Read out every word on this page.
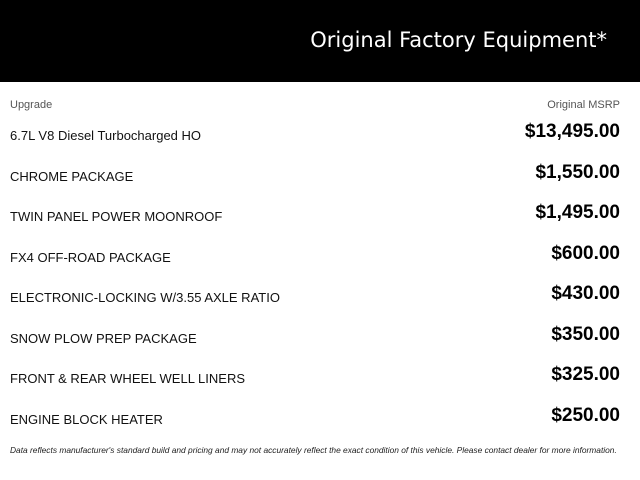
Original Factory Equipment*
Upgrade	Original MSRP
6.7L V8 Diesel Turbocharged HO	$13,495.00
CHROME PACKAGE	$1,550.00
TWIN PANEL POWER MOONROOF	$1,495.00
FX4 OFF-ROAD PACKAGE	$600.00
ELECTRONIC-LOCKING W/3.55 AXLE RATIO	$430.00
SNOW PLOW PREP PACKAGE	$350.00
FRONT & REAR WHEEL WELL LINERS	$325.00
ENGINE BLOCK HEATER	$250.00
Data reflects manufacturer's standard build and pricing and may not accurately reflect the exact condition of this vehicle. Please contact dealer for more information.
